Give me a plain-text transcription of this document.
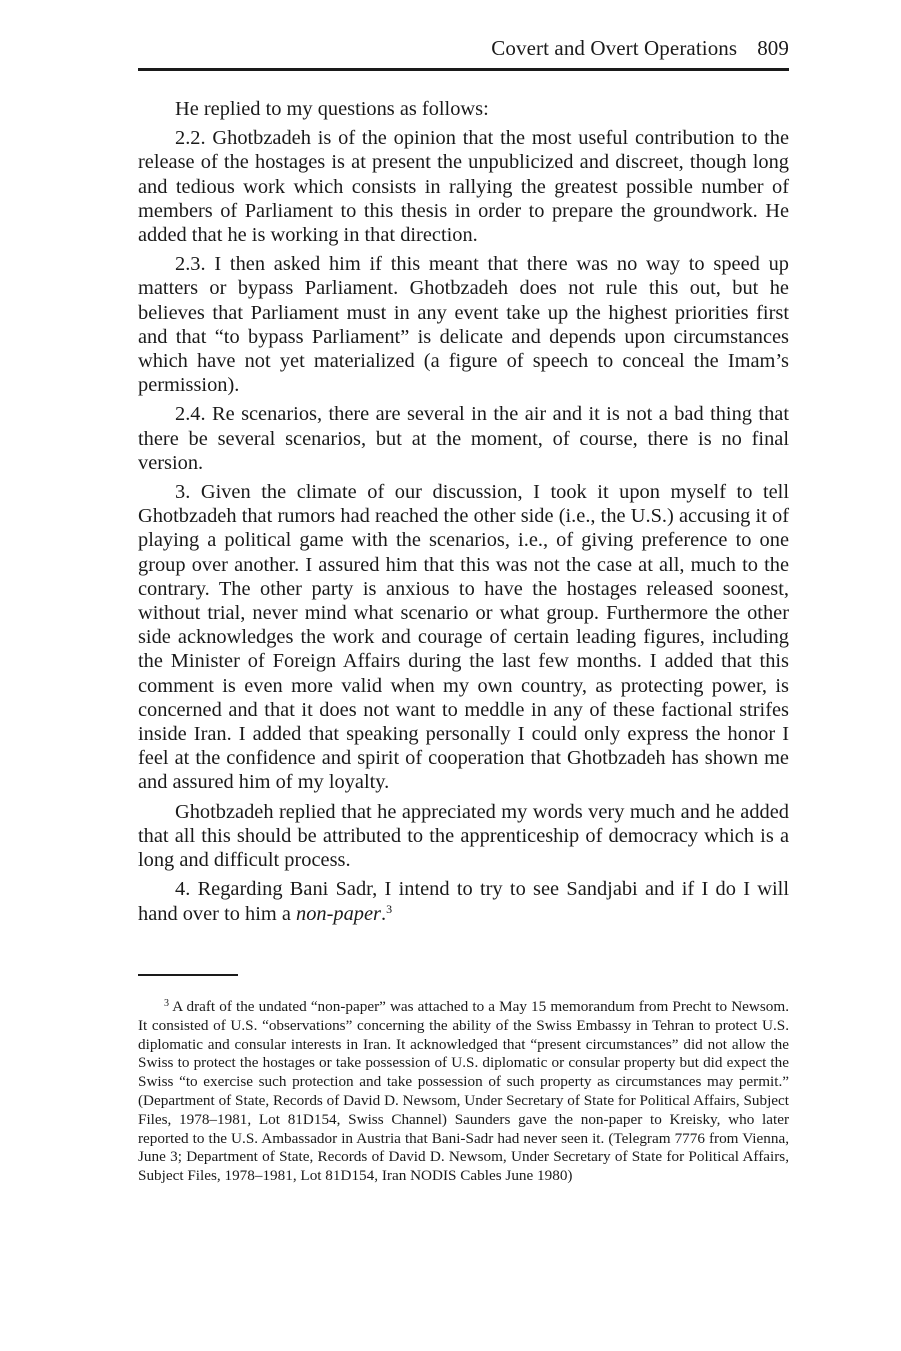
Covert and Overt Operations 809

He replied to my questions as follows:

2.2. Ghotbzadeh is of the opinion that the most useful contribution to the release of the hostages is at present the unpublicized and discreet, though long and tedious work which consists in rallying the greatest possible number of members of Parliament to this thesis in order to prepare the groundwork. He added that he is working in that direction.

2.3. I then asked him if this meant that there was no way to speed up matters or bypass Parliament. Ghotbzadeh does not rule this out, but he believes that Parliament must in any event take up the highest priorities first and that “to bypass Parliament” is delicate and depends upon circumstances which have not yet materialized (a figure of speech to conceal the Imam’s permission).

2.4. Re scenarios, there are several in the air and it is not a bad thing that there be several scenarios, but at the moment, of course, there is no final version.

3. Given the climate of our discussion, I took it upon myself to tell Ghotbzadeh that rumors had reached the other side (i.e., the U.S.) accusing it of playing a political game with the scenarios, i.e., of giving preference to one group over another. I assured him that this was not the case at all, much to the contrary. The other party is anxious to have the hostages released soonest, without trial, never mind what scenario or what group. Furthermore the other side acknowledges the work and courage of certain leading figures, including the Minister of Foreign Affairs during the last few months. I added that this comment is even more valid when my own country, as protecting power, is concerned and that it does not want to meddle in any of these factional strifes inside Iran. I added that speaking personally I could only express the honor I feel at the confidence and spirit of cooperation that Ghotbzadeh has shown me and assured him of my loyalty.

Ghotbzadeh replied that he appreciated my words very much and he added that all this should be attributed to the apprenticeship of democracy which is a long and difficult process.

4. Regarding Bani Sadr, I intend to try to see Sandjabi and if I do I will hand over to him a non-paper.$^3$

$^3$ A draft of the undated “non-paper” was attached to a May 15 memorandum from Precht to Newsom. It consisted of U.S. “observations” concerning the ability of the Swiss Embassy in Tehran to protect U.S. diplomatic and consular interests in Iran. It acknowledged that “present circumstances” did not allow the Swiss to protect the hostages or take possession of U.S. diplomatic or consular property but did expect the Swiss “to exercise such protection and take possession of such property as circumstances may permit.” (Department of State, Records of David D. Newsom, Under Secretary of State for Political Affairs, Subject Files, 1978–1981, Lot 81D154, Swiss Channel) Saunders gave the non-paper to Kreisky, who later reported to the U.S. Ambassador in Austria that Bani-Sadr had never seen it. (Telegram 7776 from Vienna, June 3; Department of State, Records of David D. Newsom, Under Secretary of State for Political Affairs, Subject Files, 1978–1981, Lot 81D154, Iran NODIS Cables June 1980)
